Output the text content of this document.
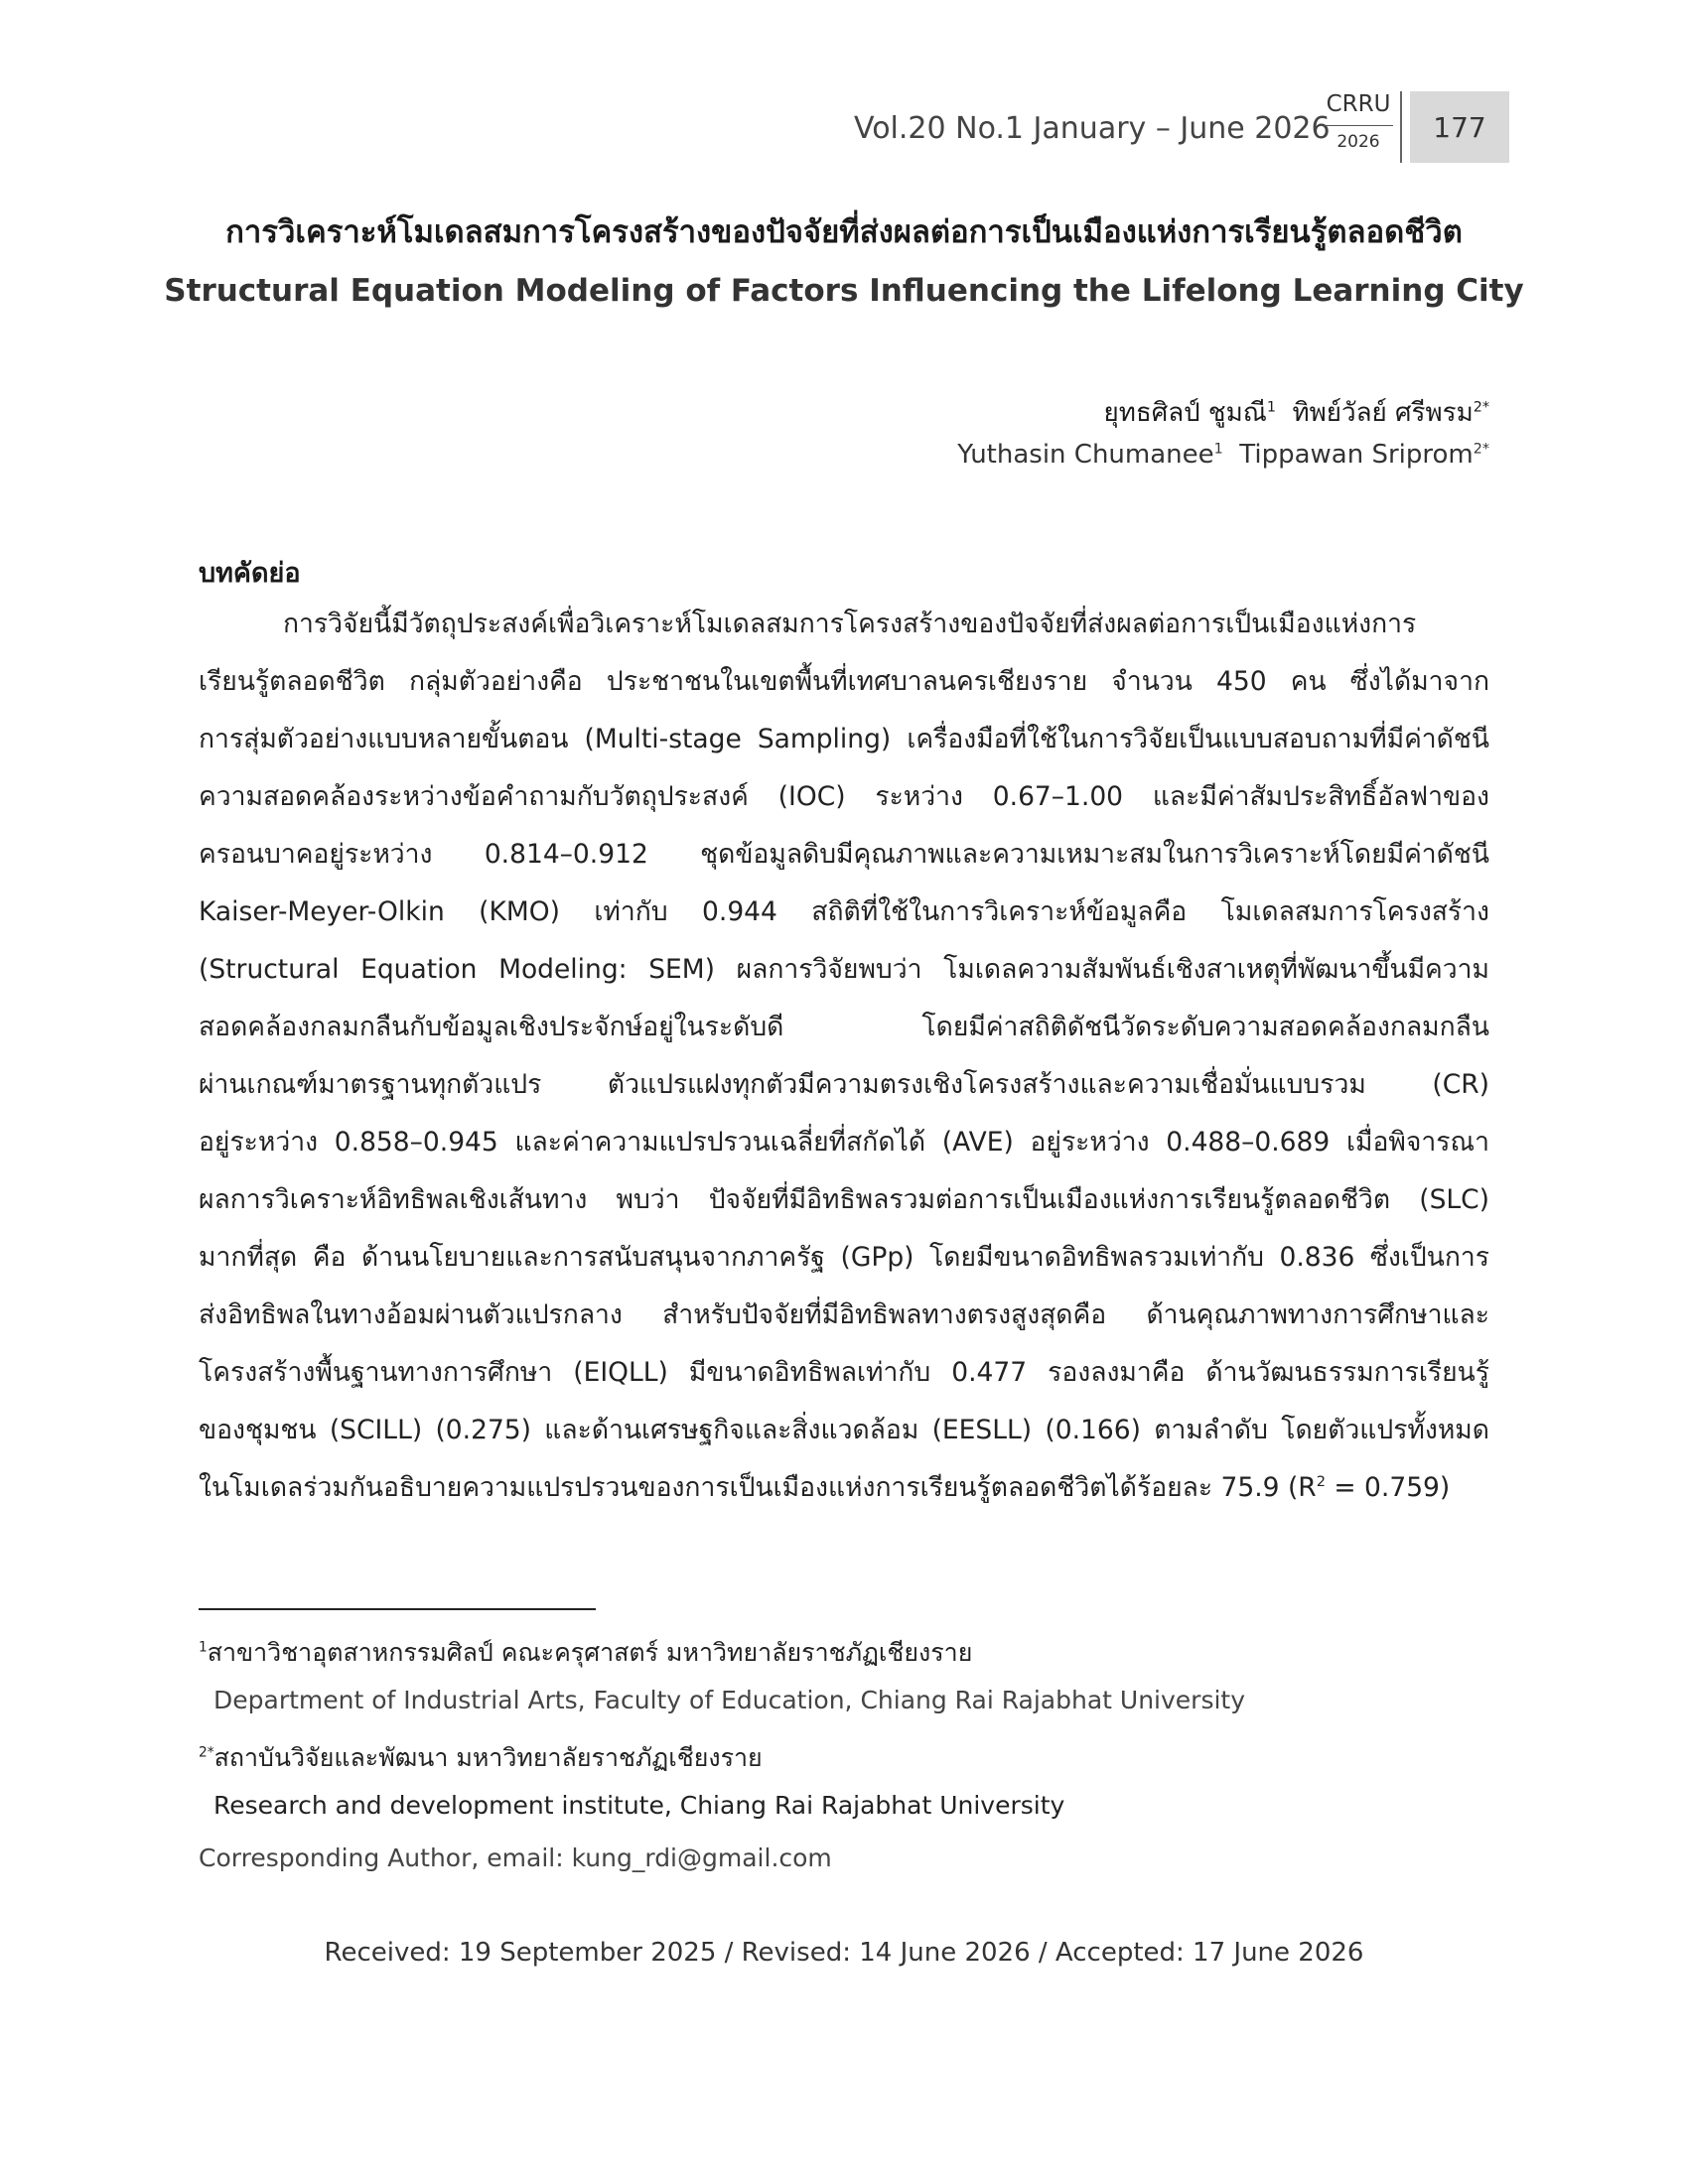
Vol.20 No.1 January – June 2026
CRRU
2026	177
การวิเคราะห์โมเดลสมการโครงสร้างของปัจจัยที่ส่งผลต่อการเป็นเมืองแห่งการเรียนรู้ตลอดชีวิต
Structural Equation Modeling of Factors Influencing the Lifelong Learning City
ยุทธศิลป์ ชูมณี$^1$ ทิพย์วัลย์ ศรีพรม$^{2*}$
Yuthasin Chumanee$^1$ Tippawan Sriprom$^{2*}$
บทคัดย่อ
การวิจัยนี้มีวัตถุประสงค์เพื่อวิเคราะห์โมเดลสมการโครงสร้างของปัจจัยที่ส่งผลต่อการเป็นเมืองแห่งการ
เรียนรู้ตลอดชีวิต กลุ่มตัวอย่างคือ ประชาชนในเขตพื้นที่เทศบาลนครเชียงราย จำนวน 450 คน ซึ่งได้มาจาก
การสุ่มตัวอย่างแบบหลายขั้นตอน (Multi-stage Sampling) เครื่องมือที่ใช้ในการวิจัยเป็นแบบสอบถามที่มีค่าดัชนี
ความสอดคล้องระหว่างข้อคำถามกับวัตถุประสงค์ (IOC) ระหว่าง 0.67–1.00 และมีค่าสัมประสิทธิ์อัลฟาของ
ครอนบาคอยู่ระหว่าง 0.814–0.912 ชุดข้อมูลดิบมีคุณภาพและความเหมาะสมในการวิเคราะห์โดยมีค่าดัชนี
Kaiser-Meyer-Olkin (KMO) เท่ากับ 0.944 สถิติที่ใช้ในการวิเคราะห์ข้อมูลคือ โมเดลสมการโครงสร้าง
(Structural Equation Modeling: SEM) ผลการวิจัยพบว่า โมเดลความสัมพันธ์เชิงสาเหตุที่พัฒนาขึ้นมีความ
สอดคล้องกลมกลืนกับข้อมูลเชิงประจักษ์อยู่ในระดับดี โดยมีค่าสถิติดัชนีวัดระดับความสอดคล้องกลมกลืน
ผ่านเกณฑ์มาตรฐานทุกตัวแปร ตัวแปรแฝงทุกตัวมีความตรงเชิงโครงสร้างและความเชื่อมั่นแบบรวม (CR)
อยู่ระหว่าง 0.858–0.945 และค่าความแปรปรวนเฉลี่ยที่สกัดได้ (AVE) อยู่ระหว่าง 0.488–0.689 เมื่อพิจารณา
ผลการวิเคราะห์อิทธิพลเชิงเส้นทาง พบว่า ปัจจัยที่มีอิทธิพลรวมต่อการเป็นเมืองแห่งการเรียนรู้ตลอดชีวิต (SLC)
มากที่สุด คือ ด้านนโยบายและการสนับสนุนจากภาครัฐ (GPp) โดยมีขนาดอิทธิพลรวมเท่ากับ 0.836 ซึ่งเป็นการ
ส่งอิทธิพลในทางอ้อมผ่านตัวแปรกลาง สำหรับปัจจัยที่มีอิทธิพลทางตรงสูงสุดคือ ด้านคุณภาพทางการศึกษาและ
โครงสร้างพื้นฐานทางการศึกษา (EIQLL) มีขนาดอิทธิพลเท่ากับ 0.477 รองลงมาคือ ด้านวัฒนธรรมการเรียนรู้
ของชุมชน (SCILL) (0.275) และด้านเศรษฐกิจและสิ่งแวดล้อม (EESLL) (0.166) ตามลำดับ โดยตัวแปรทั้งหมด
ในโมเดลร่วมกันอธิบายความแปรปรวนของการเป็นเมืองแห่งการเรียนรู้ตลอดชีวิตได้ร้อยละ 75.9 $(R^2 = 0.759)$
$^1$สาขาวิชาอุตสาหกรรมศิลป์ คณะครุศาสตร์ มหาวิทยาลัยราชภัฏเชียงราย
Department of Industrial Arts, Faculty of Education, Chiang Rai Rajabhat University
$^{2*}$สถาบันวิจัยและพัฒนา มหาวิทยาลัยราชภัฏเชียงราย
Research and development institute, Chiang Rai Rajabhat University
Corresponding Author, email: kung_rdi@gmail.com
Received: 19 September 2025 / Revised: 14 June 2026 / Accepted: 17 June 2026
